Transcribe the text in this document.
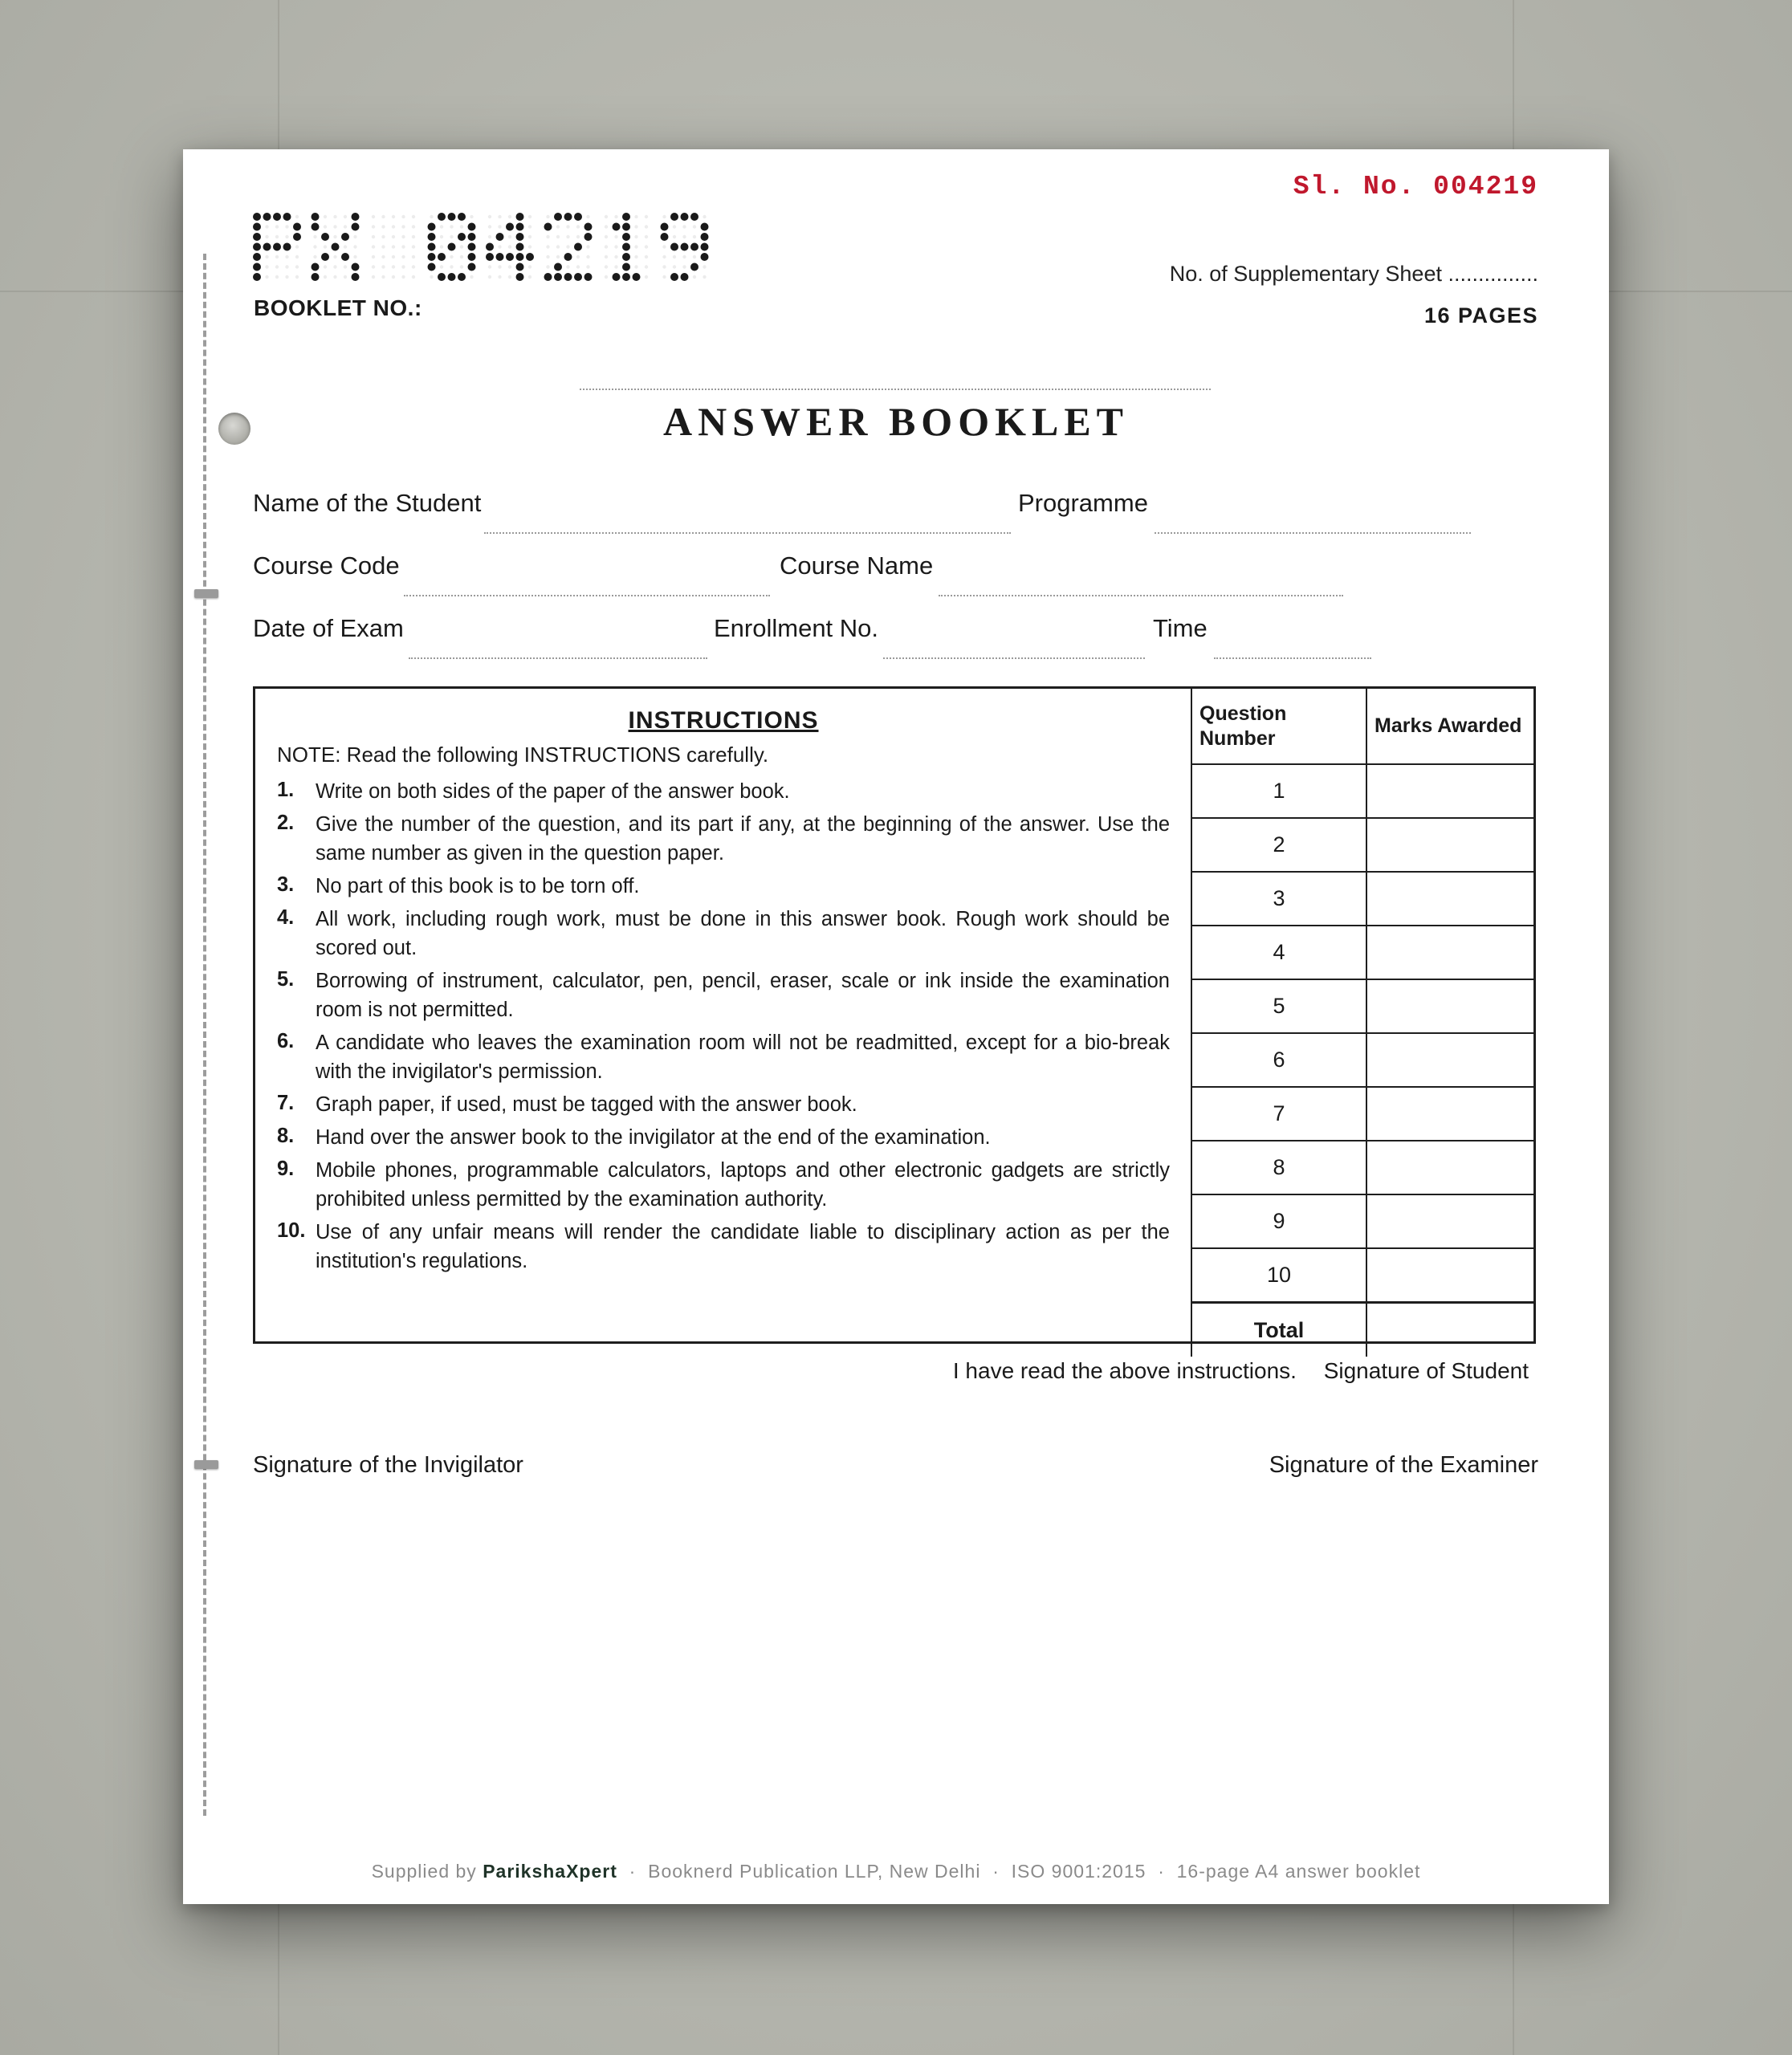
Sl. No. 004219
BOOKLET NO.:
No. of Supplementary Sheet ...............
16 PAGES
ANSWER BOOKLET
Name of the Student	Programme
Course Code	Course Name
Date of Exam	Enrollment No.	Time
INSTRUCTIONS
NOTE: Read the following INSTRUCTIONS carefully.
1.	Write on both sides of the paper of the answer book.
2.	Give the number of the question, and its part if any, at the beginning of the answer. Use the same number as given in the question paper.
3.	No part of this book is to be torn off.
4.	All work, including rough work, must be done in this answer book. Rough work should be scored out.
5.	Borrowing of instrument, calculator, pen, pencil, eraser, scale or ink inside the examination room is not permitted.
6.	A candidate who leaves the examination room will not be readmitted, except for a bio-break with the invigilator's permission.
7.	Graph paper, if used, must be tagged with the answer book.
8.	Hand over the answer book to the invigilator at the end of the examination.
9.	Mobile phones, programmable calculators, laptops and other electronic gadgets are strictly prohibited unless permitted by the examination authority.
10. Use of any unfair means will render the candidate liable to disciplinary action as per the institution's regulations.
Question Number	Marks Awarded
1	
2	
3	
4	
5	
6	
7	
8	
9	
10	
Total	
I have read the above instructions. Signature of Student
Signature of the Invigilator	Signature of the Examiner
Supplied by ParikshaXpert · Booknerd Publication LLP, New Delhi · ISO 9001:2015 · 16-page A4 answer booklet
